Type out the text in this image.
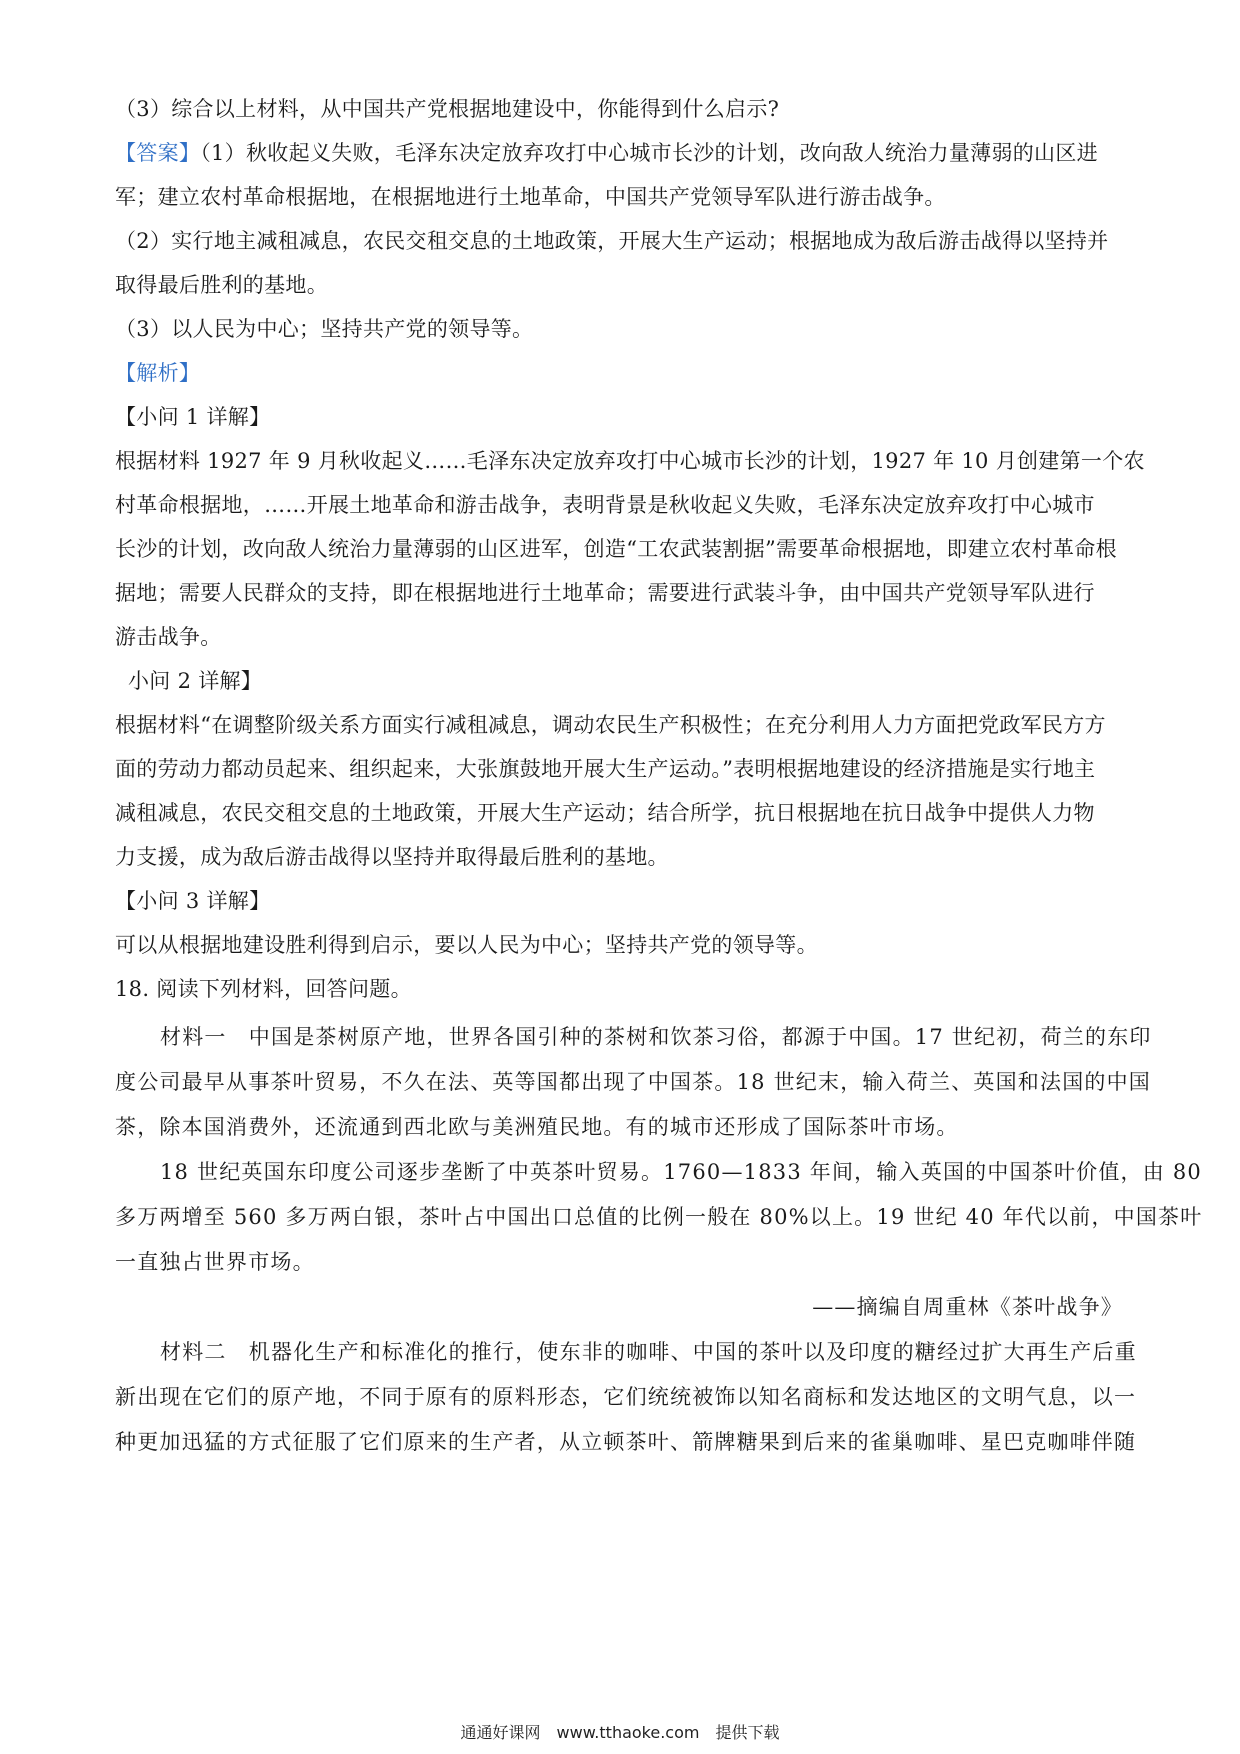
（3）综合以上材料，从中国共产党根据地建设中，你能得到什么启示?
【答案】（1）秋收起义失败，毛泽东决定放弃攻打中心城市长沙的计划，改向敌人统治力量薄弱的山区进
军；建立农村革命根据地，在根据地进行土地革命，中国共产党领导军队进行游击战争。
（2）实行地主减租减息，农民交租交息的土地政策，开展大生产运动；根据地成为敌后游击战得以坚持并
取得最后胜利的基地。
（3）以人民为中心；坚持共产党的领导等。
【解析】
【小问 1 详解】
根据材料 1927 年 9 月秋收起义……毛泽东决定放弃攻打中心城市长沙的计划，1927 年 10 月创建第一个农
村革命根据地，……开展土地革命和游击战争，表明背景是秋收起义失败，毛泽东决定放弃攻打中心城市
长沙的计划，改向敌人统治力量薄弱的山区进军，创造“工农武装割据”需要革命根据地，即建立农村革命根
据地；需要人民群众的支持，即在根据地进行土地革命；需要进行武装斗争，由中国共产党领导军队进行
游击战争。
小问 2 详解】
根据材料“在调整阶级关系方面实行减租减息，调动农民生产积极性；在充分利用人力方面把党政军民方方
面的劳动力都动员起来、组织起来，大张旗鼓地开展大生产运动。”表明根据地建设的经济措施是实行地主
减租减息，农民交租交息的土地政策，开展大生产运动；结合所学，抗日根据地在抗日战争中提供人力物
力支援，成为敌后游击战得以坚持并取得最后胜利的基地。
【小问 3 详解】
可以从根据地建设胜利得到启示，要以人民为中心；坚持共产党的领导等。
18. 阅读下列材料，回答问题。
材料一　中国是茶树原产地，世界各国引种的茶树和饮茶习俗，都源于中国。17 世纪初，荷兰的东印
度公司最早从事茶叶贸易，不久在法、英等国都出现了中国茶。18 世纪末，输入荷兰、英国和法国的中国
茶，除本国消费外，还流通到西北欧与美洲殖民地。有的城市还形成了国际茶叶市场。
18 世纪英国东印度公司逐步垄断了中英茶叶贸易。1760—1833 年间，输入英国的中国茶叶价值，由 80
多万两增至 560 多万两白银，茶叶占中国出口总值的比例一般在 80%以上。19 世纪 40 年代以前，中国茶叶
一直独占世界市场。
——摘编自周重林《茶叶战争》
材料二　机器化生产和标准化的推行，使东非的咖啡、中国的茶叶以及印度的糖经过扩大再生产后重
新出现在它们的原产地，不同于原有的原料形态，它们统统被饰以知名商标和发达地区的文明气息，以一
种更加迅猛的方式征服了它们原来的生产者，从立顿茶叶、箭牌糖果到后来的雀巢咖啡、星巴克咖啡伴随
通通好课网　www.tthaoke.com　提供下载
